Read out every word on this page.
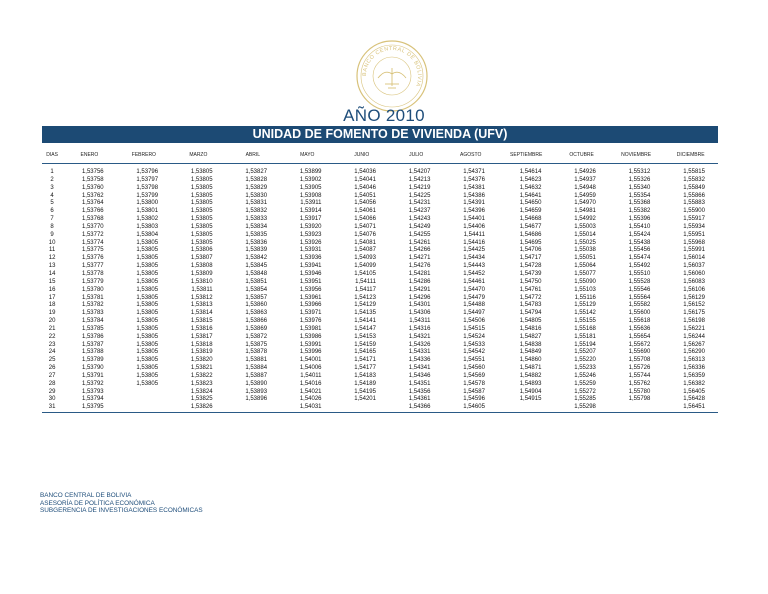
BANCO CENTRAL DE BOLIVIA
AÑO 2010
UNIDAD DE FOMENTO DE VIVIENDA (UFV)
DIAS	ENERO	FEBRERO	MARZO	ABRIL	MAYO	JUNIO	JULIO	AGOSTO	SEPTIEMBRE	OCTUBRE	NOVIEMBRE	DICIEMBRE

1	1,53756	1,53796	1,53805	1,53827	1,53899	1,54036	1,54207	1,54371	1,54614	1,54926	1,55312	1,55815
2	1,53758	1,53797	1,53805	1,53828	1,53902	1,54041	1,54213	1,54376	1,54623	1,54937	1,55326	1,55832
3	1,53760	1,53798	1,53805	1,53829	1,53905	1,54046	1,54219	1,54381	1,54632	1,54948	1,55340	1,55849
4	1,53762	1,53799	1,53805	1,53830	1,53908	1,54051	1,54225	1,54386	1,54641	1,54959	1,55354	1,55866
5	1,53764	1,53800	1,53805	1,53831	1,53911	1,54056	1,54231	1,54391	1,54650	1,54970	1,55368	1,55883
6	1,53766	1,53801	1,53805	1,53832	1,53914	1,54061	1,54237	1,54396	1,54659	1,54981	1,55382	1,55900
7	1,53768	1,53802	1,53805	1,53833	1,53917	1,54066	1,54243	1,54401	1,54668	1,54992	1,55396	1,55917
8	1,53770	1,53803	1,53805	1,53834	1,53920	1,54071	1,54249	1,54406	1,54677	1,55003	1,55410	1,55934
9	1,53772	1,53804	1,53805	1,53835	1,53923	1,54076	1,54255	1,54411	1,54686	1,55014	1,55424	1,55951
10	1,53774	1,53805	1,53805	1,53836	1,53926	1,54081	1,54261	1,54416	1,54695	1,55025	1,55438	1,55968
11	1,53775	1,53805	1,53806	1,53839	1,53931	1,54087	1,54266	1,54425	1,54706	1,55038	1,55456	1,55991
12	1,53776	1,53805	1,53807	1,53842	1,53936	1,54093	1,54271	1,54434	1,54717	1,55051	1,55474	1,56014
13	1,53777	1,53805	1,53808	1,53845	1,53941	1,54099	1,54276	1,54443	1,54728	1,55064	1,55492	1,56037
14	1,53778	1,53805	1,53809	1,53848	1,53946	1,54105	1,54281	1,54452	1,54739	1,55077	1,55510	1,56060
15	1,53779	1,53805	1,53810	1,53851	1,53951	1,54111	1,54286	1,54461	1,54750	1,55090	1,55528	1,56083
16	1,53780	1,53805	1,53811	1,53854	1,53956	1,54117	1,54291	1,54470	1,54761	1,55103	1,55546	1,56106
17	1,53781	1,53805	1,53812	1,53857	1,53961	1,54123	1,54296	1,54479	1,54772	1,55116	1,55564	1,56129
18	1,53782	1,53805	1,53813	1,53860	1,53966	1,54129	1,54301	1,54488	1,54783	1,55129	1,55582	1,56152
19	1,53783	1,53805	1,53814	1,53863	1,53971	1,54135	1,54306	1,54497	1,54794	1,55142	1,55600	1,56175
20	1,53784	1,53805	1,53815	1,53866	1,53976	1,54141	1,54311	1,54506	1,54805	1,55155	1,55618	1,56198
21	1,53785	1,53805	1,53816	1,53869	1,53981	1,54147	1,54316	1,54515	1,54816	1,55168	1,55636	1,56221
22	1,53786	1,53805	1,53817	1,53872	1,53986	1,54153	1,54321	1,54524	1,54827	1,55181	1,55654	1,56244
23	1,53787	1,53805	1,53818	1,53875	1,53991	1,54159	1,54326	1,54533	1,54838	1,55194	1,55672	1,56267
24	1,53788	1,53805	1,53819	1,53878	1,53996	1,54165	1,54331	1,54542	1,54849	1,55207	1,55690	1,56290
25	1,53789	1,53805	1,53820	1,53881	1,54001	1,54171	1,54336	1,54551	1,54860	1,55220	1,55708	1,56313
26	1,53790	1,53805	1,53821	1,53884	1,54006	1,54177	1,54341	1,54560	1,54871	1,55233	1,55726	1,56336
27	1,53791	1,53805	1,53822	1,53887	1,54011	1,54183	1,54346	1,54569	1,54882	1,55246	1,55744	1,56359
28	1,53792	1,53805	1,53823	1,53890	1,54016	1,54189	1,54351	1,54578	1,54893	1,55259	1,55762	1,56382
29	1,53793		1,53824	1,53893	1,54021	1,54195	1,54356	1,54587	1,54904	1,55272	1,55780	1,56405
30	1,53794		1,53825	1,53896	1,54026	1,54201	1,54361	1,54596	1,54915	1,55285	1,55798	1,56428
31	1,53795		1,53826		1,54031		1,54366	1,54605		1,55298		1,56451
BANCO CENTRAL DE BOLIVIA
ASESORÍA DE POLÍTICA ECONÓMICA
SUBGERENCIA DE INVESTIGACIONES ECONÓMICAS
